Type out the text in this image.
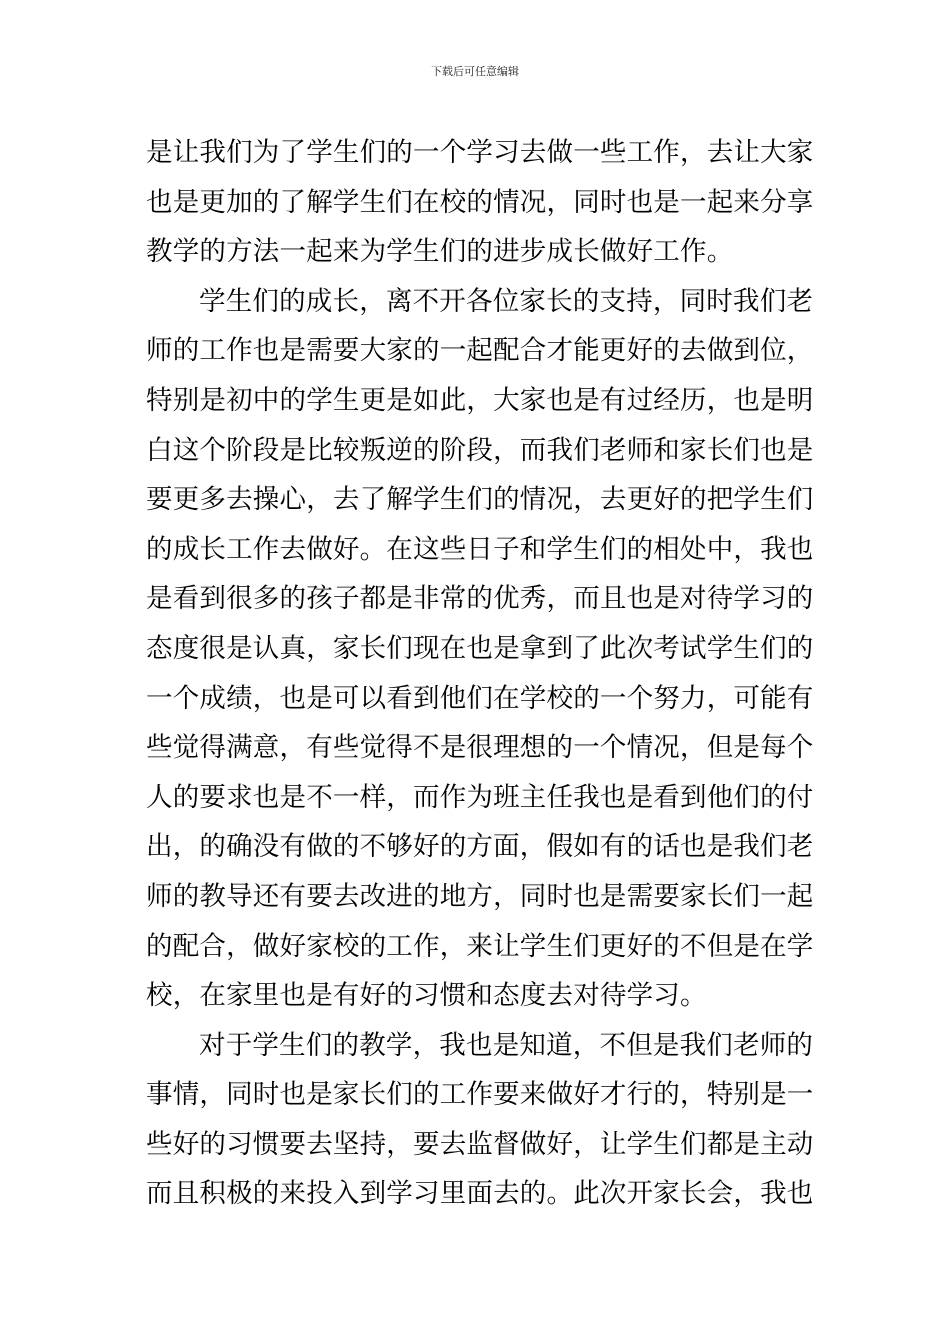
下载后可任意编辑
是让我们为了学生们的一个学习去做一些工作，去让大家
也是更加的了解学生们在校的情况，同时也是一起来分享
教学的方法一起来为学生们的进步成长做好工作。
学生们的成长，离不开各位家长的支持，同时我们老
师的工作也是需要大家的一起配合才能更好的去做到位，
特别是初中的学生更是如此，大家也是有过经历，也是明
白这个阶段是比较叛逆的阶段，而我们老师和家长们也是
要更多去操心，去了解学生们的情况，去更好的把学生们
的成长工作去做好。在这些日子和学生们的相处中，我也
是看到很多的孩子都是非常的优秀，而且也是对待学习的
态度很是认真，家长们现在也是拿到了此次考试学生们的
一个成绩，也是可以看到他们在学校的一个努力，可能有
些觉得满意，有些觉得不是很理想的一个情况，但是每个
人的要求也是不一样，而作为班主任我也是看到他们的付
出，的确没有做的不够好的方面，假如有的话也是我们老
师的教导还有要去改进的地方，同时也是需要家长们一起
的配合，做好家校的工作，来让学生们更好的不但是在学
校，在家里也是有好的习惯和态度去对待学习。
对于学生们的教学，我也是知道，不但是我们老师的
事情，同时也是家长们的工作要来做好才行的，特别是一
些好的习惯要去坚持，要去监督做好，让学生们都是主动
而且积极的来投入到学习里面去的。此次开家长会，我也
